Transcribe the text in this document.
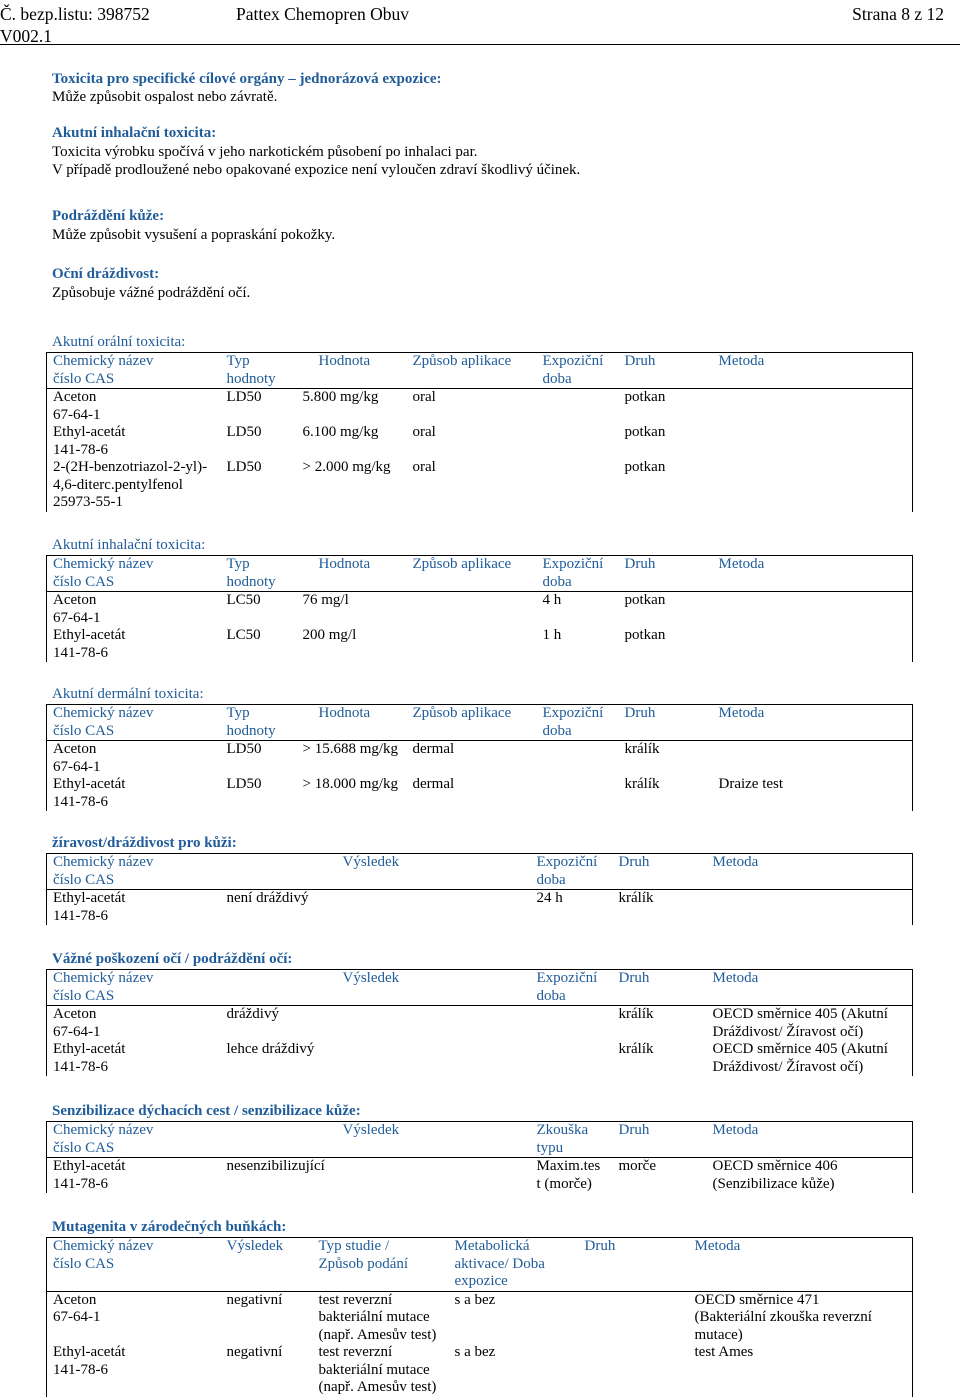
Č. bezp.listu: 398752
V002.1
Pattex Chemopren Obuv	Strana 8 z 12
Toxicita pro specifické cílové orgány – jednorázová expozice:
Může způsobit ospalost nebo závratě.
Akutní inhalační toxicita:
Toxicita výrobku spočívá v jeho narkotickém působení po inhalaci par.
V případě prodloužené nebo opakované expozice není vyloučen zdraví škodlivý účinek.
Podráždění kůže:
Může způsobit vysušení a popraskání pokožky.
Oční dráždivost:
Způsobuje vážné podráždění očí.
Akutní orální toxicita:
Chemický název	Typ	Hodnota	Způsob aplikace	Expoziční	Druh	Metoda
číslo CAS	hodnoty			doba		
Aceton	LD50	5.800 mg/kg	oral		potkan	
67-64-1						
Ethyl-acetát	LD50	6.100 mg/kg	oral		potkan	
141-78-6						
2-(2H-benzotriazol-2-yl)-	LD50	> 2.000 mg/kg	oral		potkan	
4,6-diterc.pentylfenol						
25973-55-1						
Akutní inhalační toxicita:
Chemický název	Typ	Hodnota	Způsob aplikace	Expoziční	Druh	Metoda
číslo CAS	hodnoty			doba		
Aceton	LC50	76 mg/l		4 h	potkan	
67-64-1						
Ethyl-acetát	LC50	200 mg/l		1 h	potkan	
141-78-6						
Akutní dermální toxicita:
Chemický název	Typ	Hodnota	Způsob aplikace	Expoziční	Druh	Metoda
číslo CAS	hodnoty			doba		
Aceton	LD50	> 15.688 mg/kg	dermal		králík	
67-64-1						
Ethyl-acetát	LD50	> 18.000 mg/kg	dermal		králík	Draize test
141-78-6						
žíravost/dráždivost pro kůži:
Chemický název	Výsledek	Expoziční	Druh	Metoda
číslo CAS		doba		
Ethyl-acetát	není dráždivý	24 h	králík	
141-78-6				
Vážné poškození očí / podráždění očí:
Chemický název	Výsledek	Expoziční	Druh	Metoda
číslo CAS		doba		
Aceton	dráždivý		králík	OECD směrnice 405 (Akutní
67-64-1				Dráždivost/ Žíravost očí)
Ethyl-acetát	lehce dráždivý		králík	OECD směrnice 405 (Akutní
141-78-6				Dráždivost/ Žíravost očí)
Senzibilizace dýchacích cest / senzibilizace kůže:
Chemický název	Výsledek	Zkouška	Druh	Metoda
číslo CAS		typu		
Ethyl-acetát	nesenzibilizující	Maxim.tes	morče	OECD směrnice 406
141-78-6		t (morče)		(Senzibilizace kůže)
Mutagenita v zárodečných buňkách:
Chemický název	Výsledek	Typ studie /	Metabolická	Druh	Metoda
číslo CAS		Způsob podání	aktivace/ Doba		
			expozice		
Aceton	negativní	test reverzní	s a bez		OECD směrnice 471
67-64-1		bakteriální mutace			(Bakteriální zkouška reverzní
		(např. Amesův test)			mutace)
Ethyl-acetát	negativní	test reverzní	s a bez		test Ames
141-78-6		bakteriální mutace			
		(např. Amesův test)			
